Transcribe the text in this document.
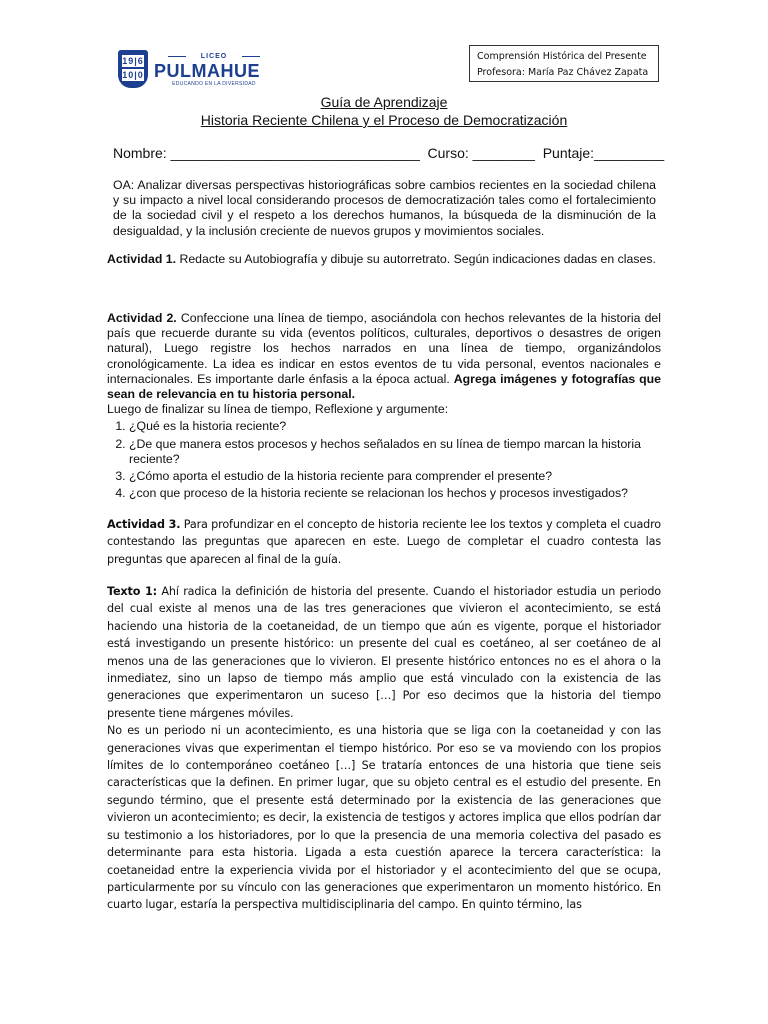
19|6
10|0
LICEO
PULMAHUE
EDUCANDO EN LA DIVERSIDAD
Comprensión Histórica del Presente
Profesora: María Paz Chávez Zapata
Guía de Aprendizaje
Historia Reciente Chilena y el Proceso de Democratización
Nombre: ________________________________  Curso: ________  Puntaje:_________
OA: Analizar diversas perspectivas historiográficas sobre cambios recientes en la sociedad chilena y su impacto a nivel local considerando procesos de democratización tales como el fortalecimiento de la sociedad civil y el respeto a los derechos humanos, la búsqueda de la disminución de la desigualdad, y la inclusión creciente de nuevos grupos y movimientos sociales.
Actividad 1. Redacte su Autobiografía y dibuje su autorretrato. Según indicaciones dadas en clases.
Actividad 2. Confeccione una línea de tiempo, asociándola con hechos relevantes de la historia del país que recuerde durante su vida (eventos políticos, culturales, deportivos o desastres de origen natural), Luego registre los hechos narrados en una línea de tiempo, organizándolos cronológicamente. La idea es indicar en estos eventos de tu vida personal, eventos nacionales e internacionales. Es importante darle énfasis a la época actual. Agrega imágenes y fotografías que sean de relevancia en tu historia personal.
Luego de finalizar su línea de tiempo, Reflexione y argumente:
1. ¿Qué es la historia reciente?
2. ¿De que manera estos procesos y hechos señalados en su línea de tiempo marcan la historia reciente?
3. ¿Cómo aporta el estudio de la historia reciente para comprender el presente?
4. ¿con que proceso de la historia reciente se relacionan los hechos y procesos investigados?
Actividad 3. Para profundizar en el concepto de historia reciente lee los textos y completa el cuadro contestando las preguntas que aparecen en este. Luego de completar el cuadro contesta las preguntas que aparecen al final de la guía.
Texto 1: Ahí radica la definición de historia del presente. Cuando el historiador estudia un periodo del cual existe al menos una de las tres generaciones que vivieron el acontecimiento, se está haciendo una historia de la coetaneidad, de un tiempo que aún es vigente, porque el historiador está investigando un presente histórico: un presente del cual es coetáneo, al ser coetáneo de al menos una de las generaciones que lo vivieron. El presente histórico entonces no es el ahora o la inmediatez, sino un lapso de tiempo más amplio que está vinculado con la existencia de las generaciones que experimentaron un suceso […] Por eso decimos que la historia del tiempo presente tiene márgenes móviles.
No es un periodo ni un acontecimiento, es una historia que se liga con la coetaneidad y con las generaciones vivas que experimentan el tiempo histórico. Por eso se va moviendo con los propios límites de lo contemporáneo coetáneo […] Se trataría entonces de una historia que tiene seis características que la definen. En primer lugar, que su objeto central es el estudio del presente. En segundo término, que el presente está determinado por la existencia de las generaciones que vivieron un acontecimiento; es decir, la existencia de testigos y actores implica que ellos podrían dar su testimonio a los historiadores, por lo que la presencia de una memoria colectiva del pasado es determinante para esta historia. Ligada a esta cuestión aparece la tercera característica: la coetaneidad entre la experiencia vivida por el historiador y el acontecimiento del que se ocupa, particularmente por su vínculo con las generaciones que experimentaron un momento histórico. En cuarto lugar, estaría la perspectiva multidisciplinaria del campo. En quinto término, las
